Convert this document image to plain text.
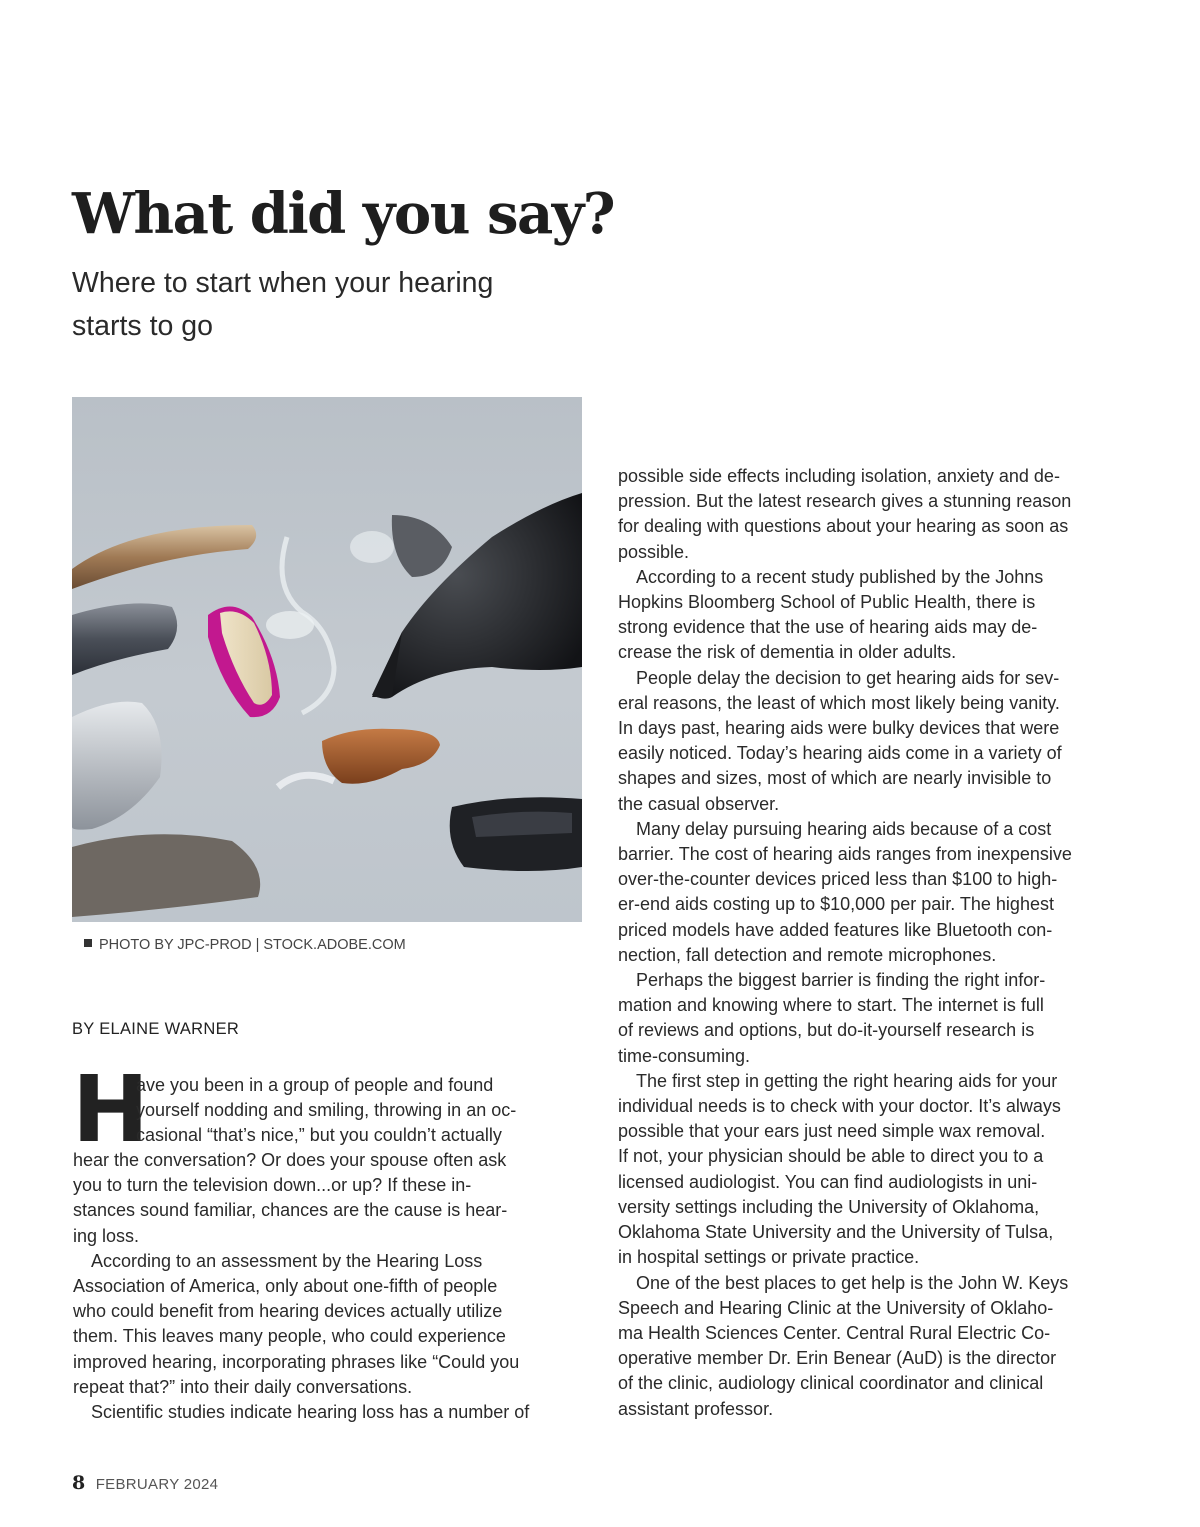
What did you say?
Where to start when your hearing starts to go
PHOTO BY JPC-PROD | STOCK.ADOBE.COM
BY ELAINE WARNER
H

ave you been in a group of people and found

yourself nodding and smiling, throwing in an oc-

casional “that’s nice,” but you couldn’t actually

hear the conversation? Or does your spouse often ask

you to turn the television down...or up? If these in-

stances sound familiar, chances are the cause is hear-

ing loss.

According to an assessment by the Hearing Loss

Association of America, only about one-fifth of people

who could benefit from hearing devices actually utilize

them. This leaves many people, who could experience

improved hearing, incorporating phrases like “Could you

repeat that?” into their daily conversations.

Scientific studies indicate hearing loss has a number of

possible side effects including isolation, anxiety and de-

pression. But the latest research gives a stunning reason

for dealing with questions about your hearing as soon as

possible.

According to a recent study published by the Johns

Hopkins Bloomberg School of Public Health, there is

strong evidence that the use of hearing aids may de-

crease the risk of dementia in older adults.

People delay the decision to get hearing aids for sev-

eral reasons, the least of which most likely being vanity.

In days past, hearing aids were bulky devices that were

easily noticed. Today’s hearing aids come in a variety of

shapes and sizes, most of which are nearly invisible to

the casual observer.

Many delay pursuing hearing aids because of a cost

barrier. The cost of hearing aids ranges from inexpensive

over-the-counter devices priced less than $100 to high-

er-end aids costing up to $10,000 per pair. The highest

priced models have added features like Bluetooth con-

nection, fall detection and remote microphones.

Perhaps the biggest barrier is finding the right infor-

mation and knowing where to start. The internet is full

of reviews and options, but do-it-yourself research is

time-consuming.

The first step in getting the right hearing aids for your

individual needs is to check with your doctor. It’s always

possible that your ears just need simple wax removal.

If not, your physician should be able to direct you to a

licensed audiologist. You can find audiologists in uni-

versity settings including the University of Oklahoma,

Oklahoma State University and the University of Tulsa,

in hospital settings or private practice.

One of the best places to get help is the John W. Keys

Speech and Hearing Clinic at the University of Oklaho-

ma Health Sciences Center. Central Rural Electric Co-

operative member Dr. Erin Benear (AuD) is the director

of the clinic, audiology clinical coordinator and clinical

assistant professor.

8 FEBRUARY 2024
